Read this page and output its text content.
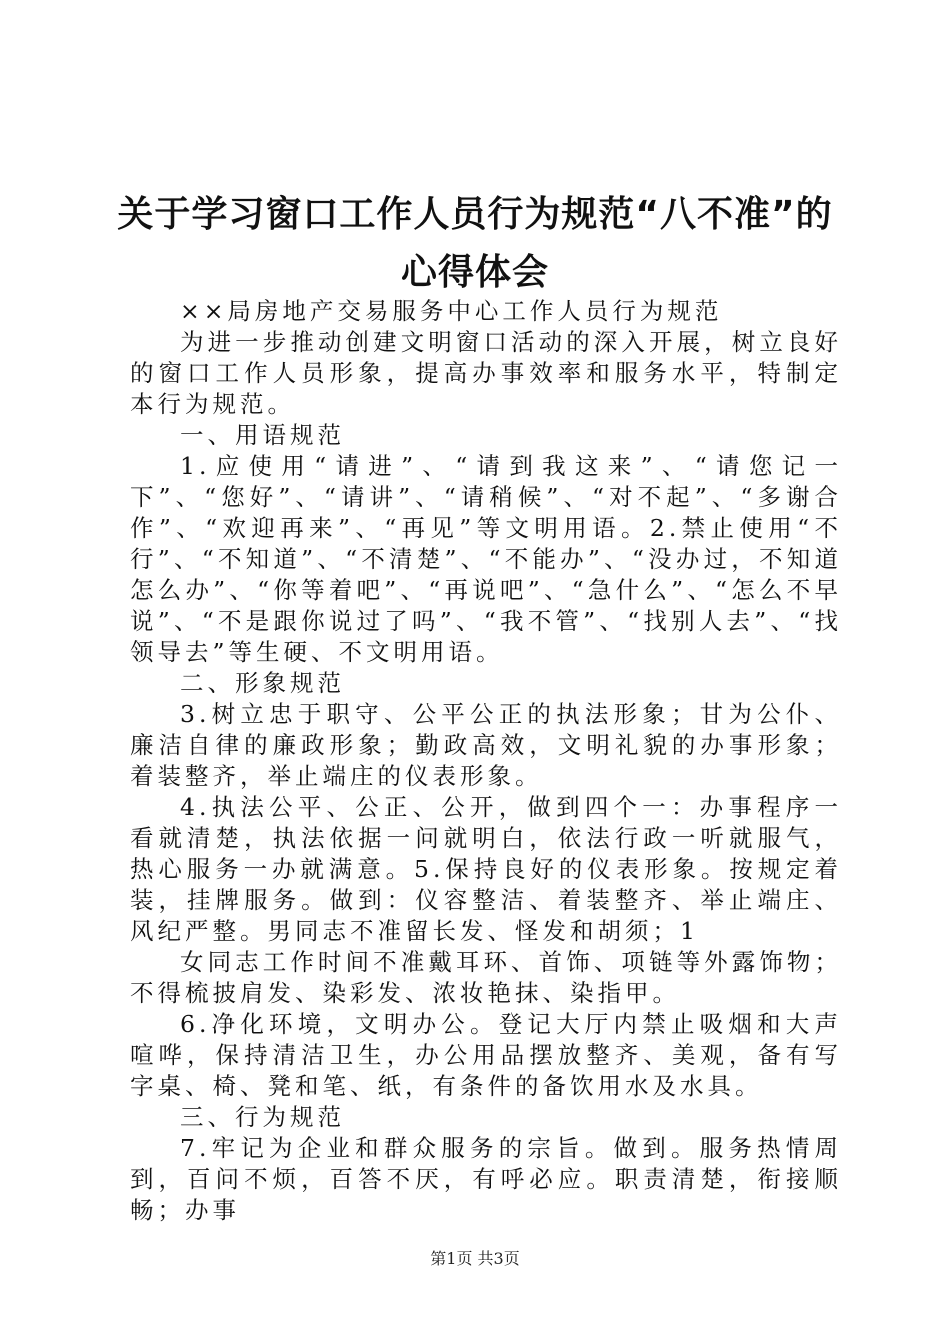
关于学习窗口工作人员行为规范“八不准”的
心得体会

××局房地产交易服务中心工作人员行为规范

为进一步推动创建文明窗口活动的深入开展，树立良好的窗口工作人员形象，提高办事效率和服务水平，特制定本行为规范。

一、用语规范

1.应使用“请进”、“请到我这来”、“请您记一下”、“您好”、“请讲”、“请稍候”、“对不起”、“多谢合作”、“欢迎再来”、“再见”等文明用语。2.禁止使用“不行”、“不知道”、“不清楚”、“不能办”、“没办过，不知道怎么办”、“你等着吧”、“再说吧”、“急什么”、“怎么不早说”、“不是跟你说过了吗”、“我不管”、“找别人去”、“找领导去”等生硬、不文明用语。

二、形象规范

3.树立忠于职守、公平公正的执法形象；甘为公仆、廉洁自律的廉政形象；勤政高效，文明礼貌的办事形象；着装整齐，举止端庄的仪表形象。

4.执法公平、公正、公开，做到四个一：办事程序一看就清楚，执法依据一问就明白，依法行政一听就服气，热心服务一办就满意。5.保持良好的仪表形象。按规定着装，挂牌服务。做到：仪容整洁、着装整齐、举止端庄、风纪严整。男同志不准留长发、怪发和胡须；1

女同志工作时间不准戴耳环、首饰、项链等外露饰物；不得梳披肩发、染彩发、浓妆艳抹、染指甲。

6.净化环境，文明办公。登记大厅内禁止吸烟和大声喧哗，保持清洁卫生，办公用品摆放整齐、美观，备有写字桌、椅、凳和笔、纸，有条件的备饮用水及水具。

三、行为规范

7.牢记为企业和群众服务的宗旨。做到。服务热情周到，百问不烦，百答不厌，有呼必应。职责清楚，衔接顺畅；办事

第1页 共3页
